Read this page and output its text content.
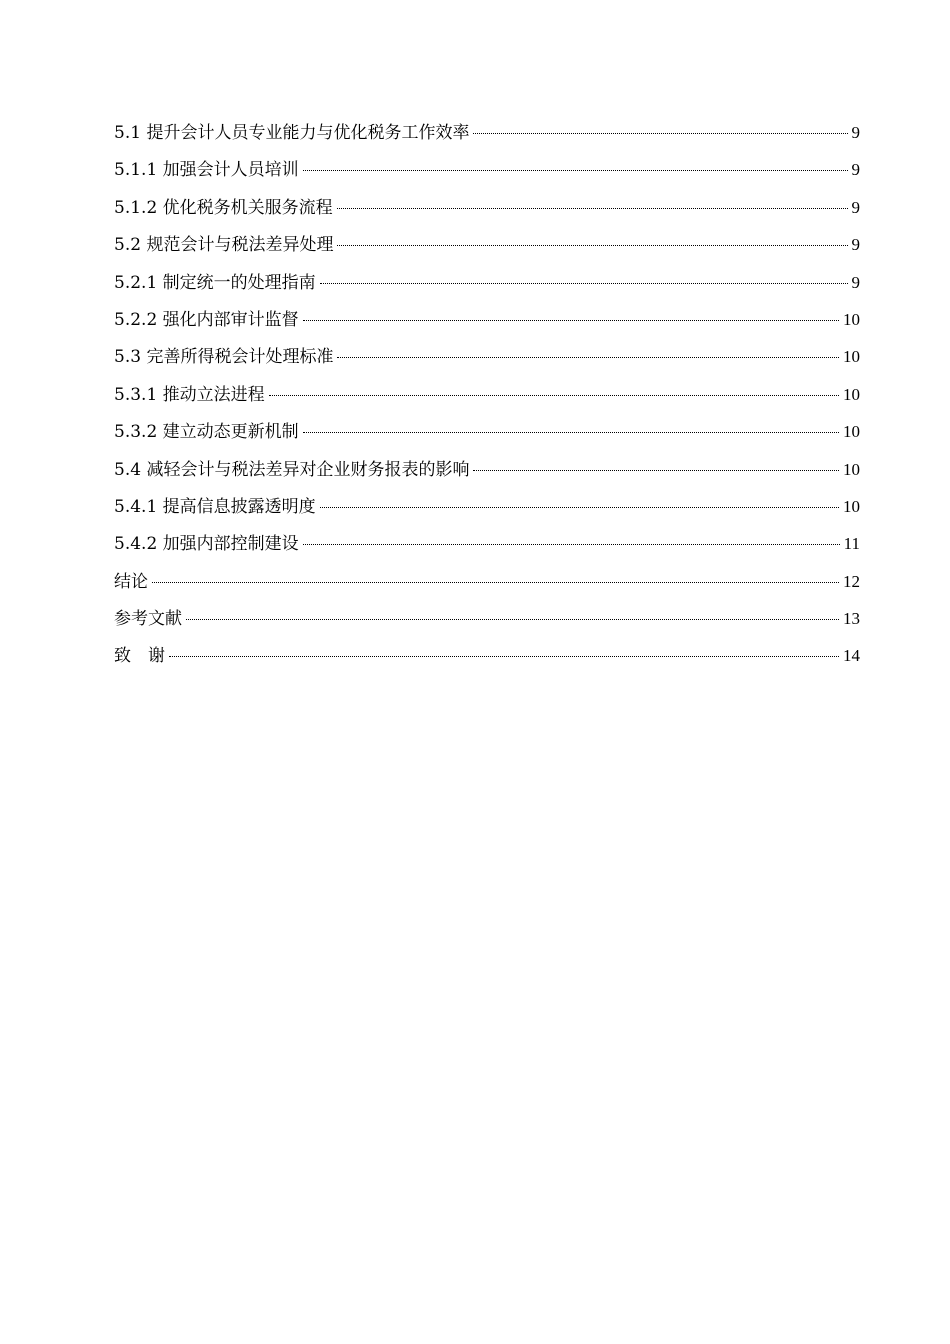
5.1 提升会计人员专业能力与优化税务工作效率	9
5.1.1 加强会计人员培训	9
5.1.2 优化税务机关服务流程	9
5.2 规范会计与税法差异处理	9
5.2.1 制定统一的处理指南	9
5.2.2 强化内部审计监督	10
5.3 完善所得税会计处理标准	10
5.3.1 推动立法进程	10
5.3.2 建立动态更新机制	10
5.4 减轻会计与税法差异对企业财务报表的影响	10
5.4.1 提高信息披露透明度	10
5.4.2 加强内部控制建设	11
结论	12
参考文献	13
致　谢	14
